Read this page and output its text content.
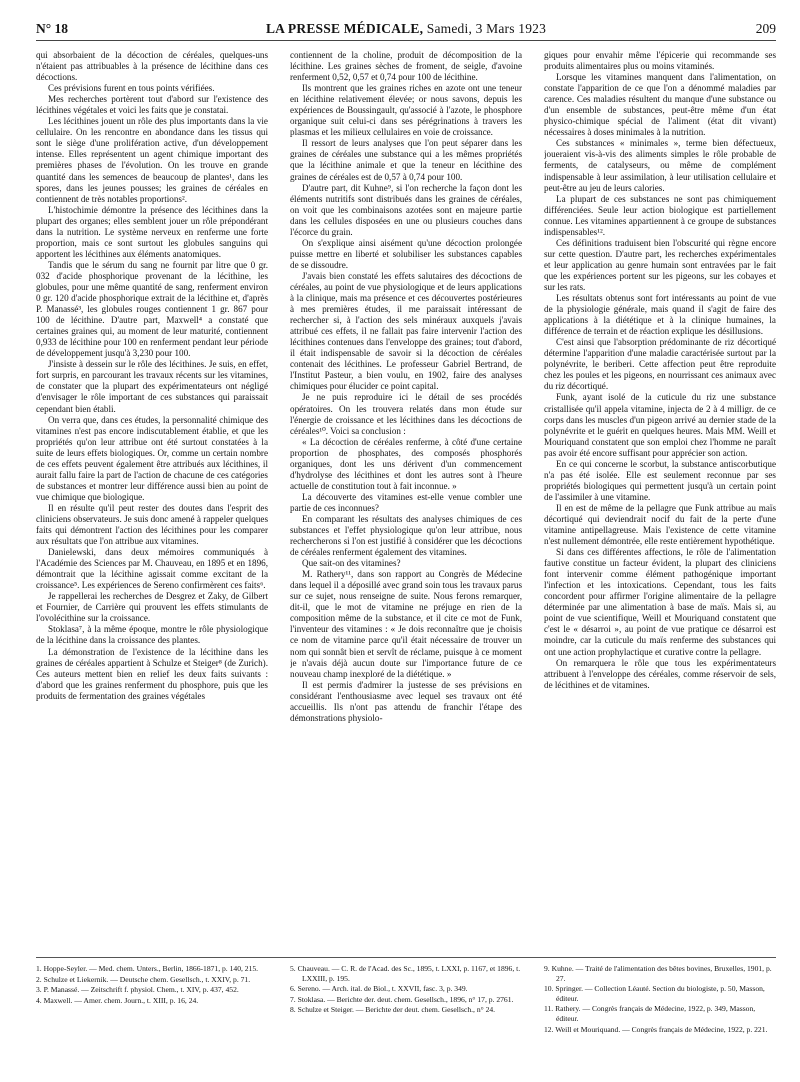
N° 18	LA PRESSE MÉDICALE, Samedi, 3 Mars 1923	209

qui absorbaient de la décoction de céréales, quelques-uns n'étaient pas attribuables à la présence de lécithine dans ces décoctions.

Ces prévisions furent en tous points vérifiées.

Mes recherches portèrent tout d'abord sur l'existence des lécithines végétales et voici les faits que je constatai.

Les lécithines jouent un rôle des plus importants dans la vie cellulaire. On les rencontre en abondance dans les tissus qui sont le siège d'une prolifération active, d'un développement intense. Elles représentent un agent chimique important des premières phases de l'évolution. On les trouve en grande quantité dans les semences de beaucoup de plantes¹, dans les spores, dans les jeunes pousses; les graines de céréales en contiennent de très notables proportions².

L'histochimie démontre la présence des lécithines dans la plupart des organes; elles semblent jouer un rôle prépondérant dans la nutrition. Le système nerveux en renferme une forte proportion, mais ce sont surtout les globules sanguins qui apportent les lécithines aux éléments anatomiques.

Tandis que le sérum du sang ne fournit par litre que 0 gr. 032 d'acide phosphorique provenant de la lécithine, les globules, pour une même quantité de sang, renferment environ 0 gr. 120 d'acide phosphorique extrait de la lécithine et, d'après P. Manassé³, les globules rouges contiennent 1 gr. 867 pour 100 de lécithine. D'autre part, Maxwell⁴ a constaté que certaines graines qui, au moment de leur maturité, contiennent 0,933 de lécithine pour 100 en renferment pendant leur période de développement jusqu'à 3,230 pour 100.

J'insiste à dessein sur le rôle des lécithines. Je suis, en effet, fort surpris, en parcourant les travaux récents sur les vitamines, de constater que la plupart des expérimentateurs ont négligé d'envisager le rôle important de ces substances qui paraissait cependant bien établi.

On verra que, dans ces études, la personnalité chimique des vitamines n'est pas encore indiscutablement établie, et que les propriétés qu'on leur attribue ont été surtout constatées à la suite de leurs effets biologiques. Or, comme un certain nombre de ces effets peuvent également être attribués aux lécithines, il aurait fallu faire la part de l'action de chacune de ces catégories de substances et montrer leur différence aussi bien au point de vue chimique que biologique.

Il en résulte qu'il peut rester des doutes dans l'esprit des cliniciens observateurs. Je suis donc amené à rappeler quelques faits qui démontrent l'action des lécithines pour les comparer aux résultats que l'on attribue aux vitamines.

Danielewski, dans deux mémoires communiqués à l'Académie des Sciences par M. Chauveau, en 1895 et en 1896, démontrait que la lécithine agissait comme excitant de la croissance⁵. Les expériences de Sereno confirmèrent ces faits⁶.

Je rappellerai les recherches de Desgrez et Zaky, de Gilbert et Fournier, de Carrière qui prouvent les effets stimulants de l'ovolécithine sur la croissance.

Stoklasa⁷, à la même époque, montre le rôle physiologique de la lécithine dans la croissance des plantes.

La démonstration de l'existence de la lécithine dans les graines de céréales appartient à Schulze et Steiger⁸ (de Zurich). Ces auteurs mettent bien en relief les deux faits suivants : d'abord que les graines renferment du phosphore, puis que les produits de fermentation des graines végétales

contiennent de la choline, produit de décomposition de la lécithine. Les graines sèches de froment, de seigle, d'avoine renferment 0,52, 0,57 et 0,74 pour 100 de lécithine.

Ils montrent que les graines riches en azote ont une teneur en lécithine relativement élevée; or nous savons, depuis les expériences de Boussingault, qu'associé à l'azote, le phosphore organique suit celui-ci dans ses pérégrinations à travers les plasmas et les milieux cellulaires en voie de croissance.

Il ressort de leurs analyses que l'on peut séparer dans les graines de céréales une substance qui a les mêmes propriétés que la lécithine animale et que la teneur en lécithine des graines de céréales est de 0,57 à 0,74 pour 100.

D'autre part, dit Kuhne⁹, si l'on recherche la façon dont les éléments nutritifs sont distribués dans les graines de céréales, on voit que les combinaisons azotées sont en majeure partie dans les cellules disposées en une ou plusieurs couches dans l'écorce du grain.

On s'explique ainsi aisément qu'une décoction prolongée puisse mettre en liberté et solubiliser les substances capables de se dissoudre.

J'avais bien constaté les effets salutaires des décoctions de céréales, au point de vue physiologique et de leurs applications à la clinique, mais ma présence et ces découvertes postérieures à mes premières études, il me paraissait intéressant de rechercher si, à l'action des sels minéraux auxquels j'avais attribué ces effets, il ne fallait pas faire intervenir l'action des lécithines contenues dans l'enveloppe des graines; tout d'abord, il était indispensable de savoir si la décoction de céréales contenait des lécithines. Le professeur Gabriel Bertrand, de l'Institut Pasteur, a bien voulu, en 1902, faire des analyses chimiques pour élucider ce point capital.

Je ne puis reproduire ici le détail de ses procédés opératoires. On les trouvera relatés dans mon étude sur l'énergie de croissance et les lécithines dans les décoctions de céréales¹⁰. Voici sa conclusion :

« La décoction de céréales renferme, à côté d'une certaine proportion de phosphates, des composés phosphorés organiques, dont les uns dérivent d'un commencement d'hydrolyse des lécithines et dont les autres sont à l'heure actuelle de constitution tout à fait inconnue. »

La découverte des vitamines est-elle venue combler une partie de ces inconnues?

En comparant les résultats des analyses chimiques de ces substances et l'effet physiologique qu'on leur attribue, nous rechercherons si l'on est justifié à considérer que les décoctions de céréales renferment également des vitamines.

Que sait-on des vitamines?

M. Rathery¹¹, dans son rapport au Congrès de Médecine dans lequel il a déposillé avec grand soin tous les travaux parus sur ce sujet, nous renseigne de suite. Nous ferons remarquer, dit-il, que le mot de vitamine ne préjuge en rien de la composition même de la substance, et il cite ce mot de Funk, l'inventeur des vitamines : « Je dois reconnaître que je choisis ce nom de vitamine parce qu'il était nécessaire de trouver un nom qui sonnât bien et servît de réclame, puisque à ce moment je n'avais déjà aucun doute sur l'importance future de ce nouveau champ inexploré de la diététique. »

Il est permis d'admirer la justesse de ses prévisions en considérant l'enthousiasme avec lequel ses travaux ont été accueillis. Ils n'ont pas attendu de franchir l'étape des démonstrations physiolo-

giques pour envahir même l'épicerie qui recommande ses produits alimentaires plus ou moins vitaminés.

Lorsque les vitamines manquent dans l'alimentation, on constate l'apparition de ce que l'on a dénommé maladies par carence. Ces maladies résultent du manque d'une substance ou d'un ensemble de substances, peut-être même d'un état physico-chimique spécial de l'aliment (état dit vivant) nécessaires à doses minimales à la nutrition.

Ces substances « minimales », terme bien défectueux, joueraient vis-à-vis des aliments simples le rôle probable de ferments, de catalyseurs, ou même de complément indispensable à leur assimilation, à leur utilisation cellulaire et peut-être au jeu de leurs calories.

La plupart de ces substances ne sont pas chimiquement différenciées. Seule leur action biologique est partiellement connue. Les vitamines appartiennent à ce groupe de substances indispensables¹².

Ces définitions traduisent bien l'obscurité qui règne encore sur cette question. D'autre part, les recherches expérimentales et leur application au genre humain sont entravées par le fait que les expériences portent sur les pigeons, sur les cobayes et sur les rats.

Les résultats obtenus sont fort intéressants au point de vue de la physiologie générale, mais quand il s'agit de faire des applications à la diététique et à la clinique humaines, la différence de terrain et de réaction explique les désillusions.

C'est ainsi que l'absorption prédominante de riz décortiqué détermine l'apparition d'une maladie caractérisée surtout par la polynévrite, le beriberi. Cette affection peut être reproduite chez les poules et les pigeons, en nourrissant ces animaux avec du riz décortiqué.

Funk, ayant isolé de la cuticule du riz une substance cristallisée qu'il appela vitamine, injecta de 2 à 4 milligr. de ce corps dans les muscles d'un pigeon arrivé au dernier stade de la polynévrite et le guérit en quelques heures. Mais MM. Weill et Mouriquand constatent que son emploi chez l'homme ne paraît pas avoir été encore suffisant pour apprécier son action.

En ce qui concerne le scorbut, la substance antiscorbutique n'a pas été isolée. Elle est seulement reconnue par ses propriétés biologiques qui permettent jusqu'à un certain point de l'assimiler à une vitamine.

Il en est de même de la pellagre que Funk attribue au maïs décortiqué qui deviendrait nocif du fait de la perte d'une vitamine antipellagreuse. Mais l'existence de cette vitamine n'est nullement démontrée, elle reste entièrement hypothétique.

Si dans ces différentes affections, le rôle de l'alimentation fautive constitue un facteur évident, la plupart des cliniciens font intervenir comme élément pathogénique important l'infection et les intoxications. Cependant, tous les faits concordent pour affirmer l'origine alimentaire de la pellagre déterminée par une alimentation à base de maïs. Mais si, au point de vue scientifique, Weill et Mouriquand constatent que c'est le « désarroi », au point de vue pratique ce désarroi est moindre, car la cuticule du maïs renferme des substances qui ont une action prophylactique et curative contre la pellagre.

On remarquera le rôle que tous les expérimentateurs attribuent à l'enveloppe des céréales, comme réservoir de sels, de lécithines et de vitamines.

1. Hoppe-Seyler. — Med. chem. Unters., Berlin, 1866-1871, p. 140, 215.

2. Schulze et Liekernik. — Deutsche chem. Gesellsch., t. XXIV, p. 71.

3. P. Manassé. — Zeitschrift f. physiol. Chem., t. XIV, p. 437, 452.

4. Maxwell. — Amer. chem. Journ., t. XIII, p. 16, 24.

5. Chauveau. — C. R. de l'Acad. des Sc., 1895, t. LXXI, p. 1167, et 1896, t. LXXIII, p. 195.

6. Sereno. — Arch. ital. de Biol., t. XXVII, fasc. 3, p. 349.

7. Stoklasa. — Berichte der. deut. chem. Gesellsch., 1896, n° 17, p. 2761.

8. Schulze et Steiger. — Berichte der deut. chem. Gesellsch., n° 24.

9. Kuhne. — Traité de l'alimentation des bêtes bovines, Bruxelles, 1901, p. 27.

10. Springer. — Collection Léauté. Section du biologiste, p. 50, Masson, éditeur.

11. Rathery. — Congrès français de Médecine, 1922, p. 349, Masson, éditeur.

12. Weill et Mouriquand. — Congrès français de Médecine, 1922, p. 221.
